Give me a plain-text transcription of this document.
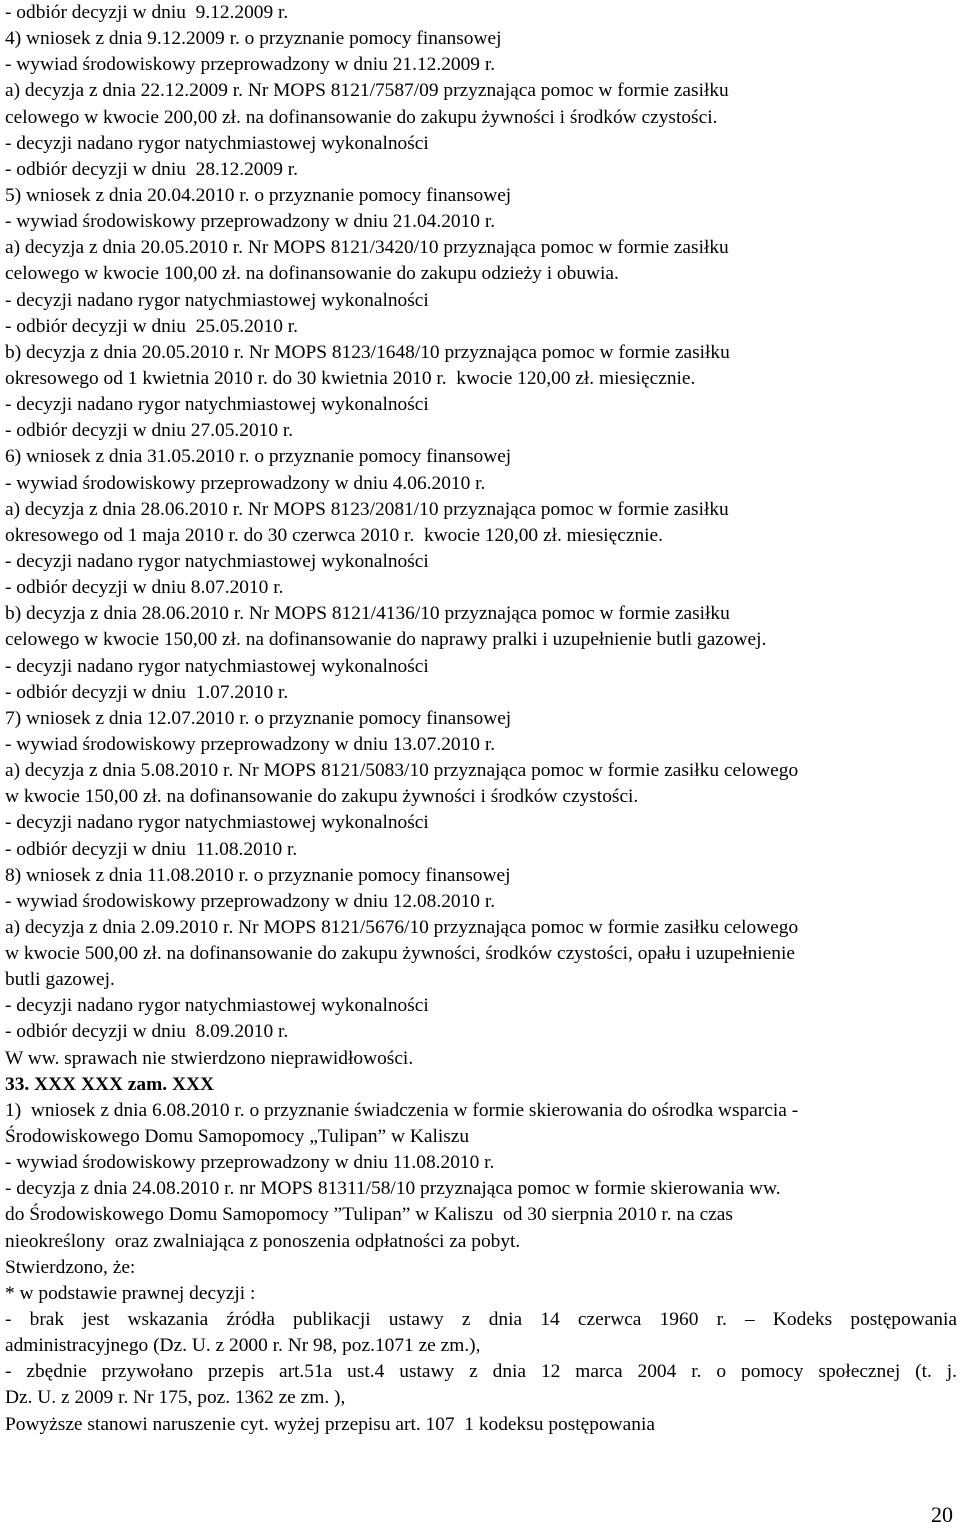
- odbiór decyzji w dniu  9.12.2009 r.
4) wniosek z dnia 9.12.2009 r. o przyznanie pomocy finansowej
- wywiad środowiskowy przeprowadzony w dniu 21.12.2009 r.
a) decyzja z dnia 22.12.2009 r. Nr MOPS 8121/7587/09 przyznająca pomoc w formie zasiłku
celowego w kwocie 200,00 zł. na dofinansowanie do zakupu żywności i środków czystości.
- decyzji nadano rygor natychmiastowej wykonalności
- odbiór decyzji w dniu  28.12.2009 r.
5) wniosek z dnia 20.04.2010 r. o przyznanie pomocy finansowej
- wywiad środowiskowy przeprowadzony w dniu 21.04.2010 r.
a) decyzja z dnia 20.05.2010 r. Nr MOPS 8121/3420/10 przyznająca pomoc w formie zasiłku
celowego w kwocie 100,00 zł. na dofinansowanie do zakupu odzieży i obuwia.
- decyzji nadano rygor natychmiastowej wykonalności
- odbiór decyzji w dniu  25.05.2010 r.
b) decyzja z dnia 20.05.2010 r. Nr MOPS 8123/1648/10 przyznająca pomoc w formie zasiłku
okresowego od 1 kwietnia 2010 r. do 30 kwietnia 2010 r.  kwocie 120,00 zł. miesięcznie.
- decyzji nadano rygor natychmiastowej wykonalności
- odbiór decyzji w dniu 27.05.2010 r.
6) wniosek z dnia 31.05.2010 r. o przyznanie pomocy finansowej
- wywiad środowiskowy przeprowadzony w dniu 4.06.2010 r.
a) decyzja z dnia 28.06.2010 r. Nr MOPS 8123/2081/10 przyznająca pomoc w formie zasiłku
okresowego od 1 maja 2010 r. do 30 czerwca 2010 r.  kwocie 120,00 zł. miesięcznie.
- decyzji nadano rygor natychmiastowej wykonalności
- odbiór decyzji w dniu 8.07.2010 r.
b) decyzja z dnia 28.06.2010 r. Nr MOPS 8121/4136/10 przyznająca pomoc w formie zasiłku
celowego w kwocie 150,00 zł. na dofinansowanie do naprawy pralki i uzupełnienie butli gazowej.
- decyzji nadano rygor natychmiastowej wykonalności
- odbiór decyzji w dniu  1.07.2010 r.
7) wniosek z dnia 12.07.2010 r. o przyznanie pomocy finansowej
- wywiad środowiskowy przeprowadzony w dniu 13.07.2010 r.
a) decyzja z dnia 5.08.2010 r. Nr MOPS 8121/5083/10 przyznająca pomoc w formie zasiłku celowego
w kwocie 150,00 zł. na dofinansowanie do zakupu żywności i środków czystości.
- decyzji nadano rygor natychmiastowej wykonalności
- odbiór decyzji w dniu  11.08.2010 r.
8) wniosek z dnia 11.08.2010 r. o przyznanie pomocy finansowej
- wywiad środowiskowy przeprowadzony w dniu 12.08.2010 r.
a) decyzja z dnia 2.09.2010 r. Nr MOPS 8121/5676/10 przyznająca pomoc w formie zasiłku celowego
w kwocie 500,00 zł. na dofinansowanie do zakupu żywności, środków czystości, opału i uzupełnienie
butli gazowej.
- decyzji nadano rygor natychmiastowej wykonalności
- odbiór decyzji w dniu  8.09.2010 r.
W ww. sprawach nie stwierdzono nieprawidłowości.
33. XXX XXX zam. XXX
1)  wniosek z dnia 6.08.2010 r. o przyznanie świadczenia w formie skierowania do ośrodka wsparcia -
Środowiskowego Domu Samopomocy „Tulipan” w Kaliszu
- wywiad środowiskowy przeprowadzony w dniu 11.08.2010 r.
- decyzja z dnia 24.08.2010 r. nr MOPS 81311/58/10 przyznająca pomoc w formie skierowania ww.
do Środowiskowego Domu Samopomocy ”Tulipan” w Kaliszu  od 30 sierpnia 2010 r. na czas
nieokreślony  oraz zwalniająca z ponoszenia odpłatności za pobyt.
Stwierdzono, że:
* w podstawie prawnej decyzji :
- brak jest wskazania źródła publikacji ustawy z dnia 14 czerwca 1960 r. – Kodeks postępowania
administracyjnego (Dz. U. z 2000 r. Nr 98, poz.1071 ze zm.),
- zbędnie przywołano przepis art.51a ust.4 ustawy z dnia 12 marca 2004 r. o pomocy społecznej (t. j.
Dz. U. z 2009 r. Nr 175, poz. 1362 ze zm. ),
Powyższe stanowi naruszenie cyt. wyżej przepisu art. 107  1 kodeksu postępowania
20
